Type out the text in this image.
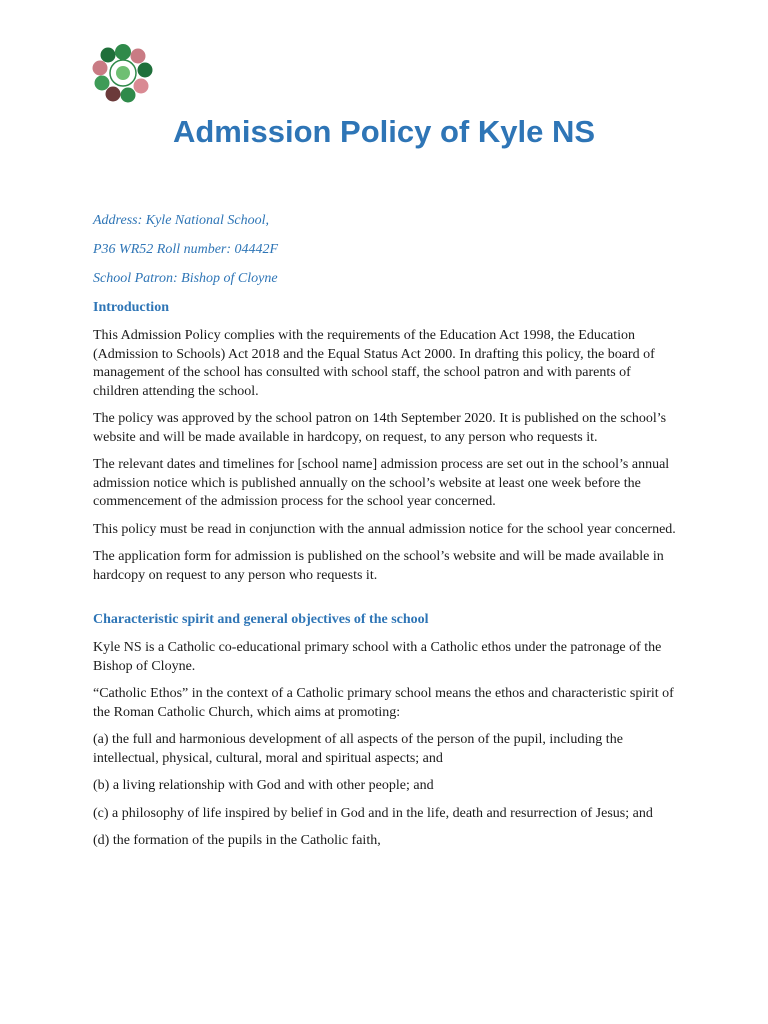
Admission Policy of Kyle NS

Address: Kyle National School,

P36 WR52 Roll number: 04442F

School Patron: Bishop of Cloyne

Introduction

This Admission Policy complies with the requirements of the Education Act 1998, the Education (Admission to Schools) Act 2018 and the Equal Status Act 2000. In drafting this policy, the board of management of the school has consulted with school staff, the school patron and with parents of children attending the school.

The policy was approved by the school patron on 14th September 2020. It is published on the school’s website and will be made available in hardcopy, on request, to any person who requests it.

The relevant dates and timelines for [school name] admission process are set out in the school’s annual admission notice which is published annually on the school’s website at least one week before the commencement of the admission process for the school year concerned.

This policy must be read in conjunction with the annual admission notice for the school year concerned.

The application form for admission is published on the school’s website and will be made available in hardcopy on request to any person who requests it.

Characteristic spirit and general objectives of the school

Kyle NS is a Catholic co-educational primary school with a Catholic ethos under the patronage of the Bishop of Cloyne.

“Catholic Ethos” in the context of a Catholic primary school means the ethos and characteristic spirit of the Roman Catholic Church, which aims at promoting:

(a) the full and harmonious development of all aspects of the person of the pupil, including the intellectual, physical, cultural, moral and spiritual aspects; and

(b) a living relationship with God and with other people; and

(c) a philosophy of life inspired by belief in God and in the life, death and resurrection of Jesus; and

(d) the formation of the pupils in the Catholic faith,
